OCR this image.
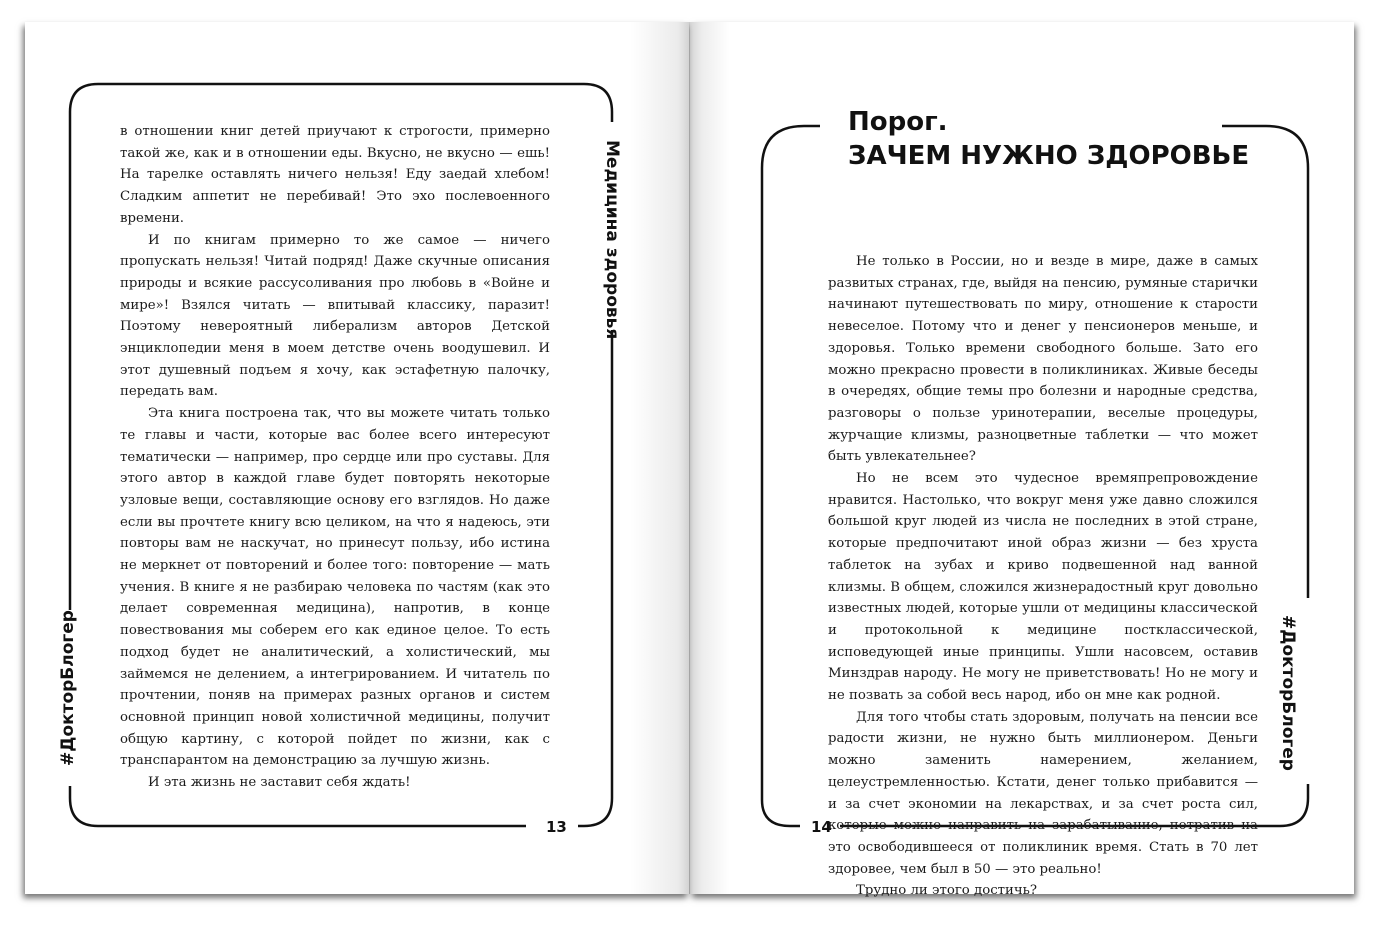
Медицина здоровья
#ДокторБлогер
13

в отношении книг детей приучают к строгости, примерно такой же, как и в отношении еды. Вкусно, не вкусно — ешь! На тарелке оставлять ничего нельзя! Еду заедай хлебом! Сладким аппетит не перебивай! Это эхо послевоенного времени.

И по книгам примерно то же самое — ничего пропускать нельзя! Читай подряд! Даже скучные описания природы и всякие рассусоливания про любовь в «Войне и мире»! Взялся читать — впитывай классику, паразит! Поэтому невероятный либерализм авторов Детской энциклопедии меня в моем детстве очень воодушевил. И этот душевный подъем я хочу, как эстафетную палочку, передать вам.

Эта книга построена так, что вы можете читать только те главы и части, которые вас более всего интересуют тематически — например, про сердце или про суставы. Для этого автор в каждой главе будет повторять некоторые узловые вещи, составляющие основу его взглядов. Но даже если вы прочтете книгу всю целиком, на что я надеюсь, эти повторы вам не наскучат, но принесут пользу, ибо истина не меркнет от повторений и более того: повторение — мать учения. В книге я не разбираю человека по частям (как это делает современная медицина), напротив, в конце повествования мы соберем его как единое целое. То есть подход будет не аналитический, а холистический, мы займемся не делением, а интегрированием. И читатель по прочтении, поняв на примерах разных органов и систем основной принцип новой холистичной медицины, получит общую картину, с которой пойдет по жизни, как с транспарантом на демонстрацию за лучшую жизнь.

И эта жизнь не заставит себя ждать!

Порог.
ЗАЧЕМ НУЖНО ЗДОРОВЬЕ
#ДокторБлогер
14

Не только в России, но и везде в мире, даже в самых развитых странах, где, выйдя на пенсию, румяные старички начинают путешествовать по миру, отношение к старости невеселое. Потому что и денег у пенсионеров меньше, и здоровья. Только времени свободного больше. Зато его можно прекрасно провести в поликлиниках. Живые беседы в очередях, общие темы про болезни и народные средства, разговоры о пользе уринотерапии, веселые процедуры, журчащие клизмы, разноцветные таблетки — что может быть увлекательнее?

Но не всем это чудесное времяпрепровождение нравится. Настолько, что вокруг меня уже давно сложился большой круг людей из числа не последних в этой стране, которые предпочитают иной образ жизни — без хруста таблеток на зубах и криво подвешенной над ванной клизмы. В общем, сложился жизнерадостный круг довольно известных людей, которые ушли от медицины классической и протокольной к медицине постклассической, исповедующей иные принципы. Ушли насовсем, оставив Минздрав народу. Не могу не приветствовать! Но не могу и не позвать за собой весь народ, ибо он мне как родной.

Для того чтобы стать здоровым, получать на пенсии все радости жизни, не нужно быть миллионером. Деньги можно заменить намерением, желанием, целеустремленностью. Кстати, денег только прибавится — и за счет экономии на лекарствах, и за счет роста сил, которые можно направить на зарабатывание, потратив на это освободившееся от поликлиник время. Стать в 70 лет здоровее, чем был в 50 — это реально!

Трудно ли этого достичь?
